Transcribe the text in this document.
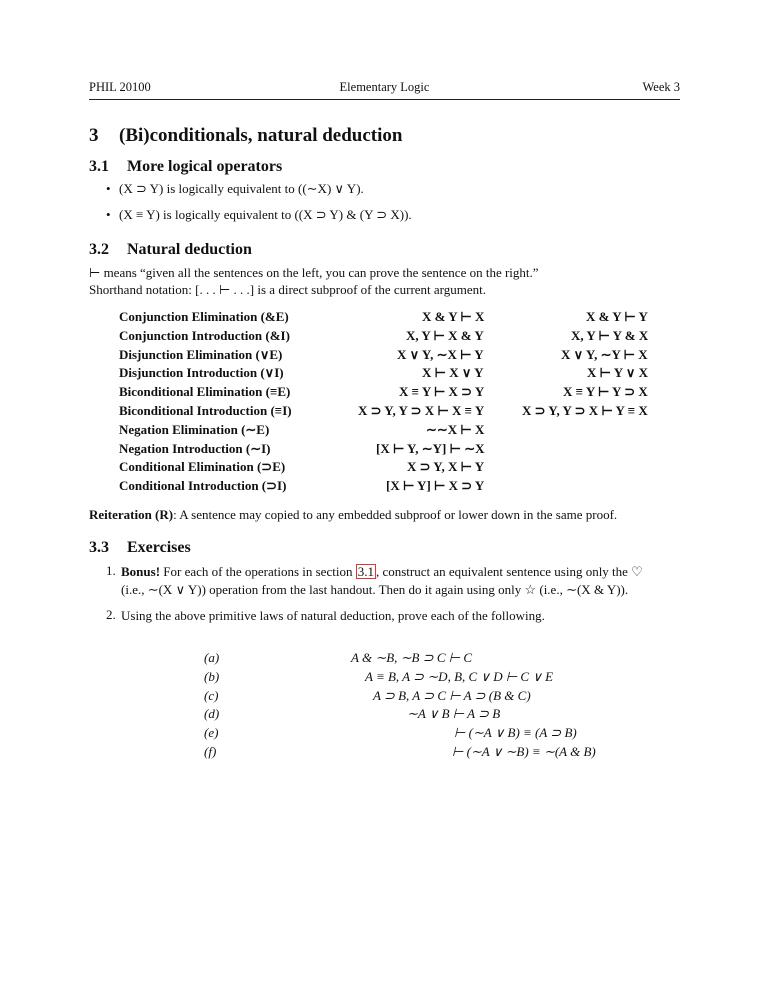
PHIL 20100	Elementary Logic	Week 3
3 (Bi)conditionals, natural deduction
3.1 More logical operators
• (X ⊃ Y) is logically equivalent to ((∼X) ∨ Y).
• (X ≡ Y) is logically equivalent to ((X ⊃ Y) & (Y ⊃ X)).
3.2 Natural deduction
⊢ means “given all the sentences on the left, you can prove the sentence on the right.”
Shorthand notation: [. . . ⊢ . . .] is a direct subproof of the current argument.
Conjunction Elimination (&E)	X & Y ⊢ X	X & Y ⊢ Y
Conjunction Introduction (&I)	X, Y ⊢ X & Y	X, Y ⊢ Y & X
Disjunction Elimination (∨E)	X ∨ Y, ∼X ⊢ Y	X ∨ Y, ∼Y ⊢ X
Disjunction Introduction (∨I)	X ⊢ X ∨ Y	X ⊢ Y ∨ X
Biconditional Elimination (≡E)	X ≡ Y ⊢ X ⊃ Y	X ≡ Y ⊢ Y ⊃ X
Biconditional Introduction (≡I)	X ⊃ Y, Y ⊃ X ⊢ X ≡ Y	X ⊃ Y, Y ⊃ X ⊢ Y ≡ X
Negation Elimination (∼E)	∼∼X ⊢ X
Negation Introduction (∼I)	[X ⊢ Y, ∼Y] ⊢ ∼X
Conditional Elimination (⊃E)	X ⊃ Y, X ⊢ Y
Conditional Introduction (⊃I)	[X ⊢ Y] ⊢ X ⊃ Y
Reiteration (R): A sentence may copied to any embedded subproof or lower down in the same proof.
3.3 Exercises
1. Bonus! For each of the operations in section 3.1 , construct an equivalent sentence using only the ♡
(i.e., ∼(X ∨ Y)) operation from the last handout. Then do it again using only ☆ (i.e., ∼(X & Y)).
2. Using the above primitive laws of natural deduction, prove each of the following.
(a)	A & ∼B, ∼B ⊃ C ⊢ C
(b)	A ≡ B, A ⊃ ∼D, B, C ∨ D ⊢ C ∨ E
(c)	A ⊃ B, A ⊃ C ⊢ A ⊃ (B & C)
(d)	∼A ∨ B ⊢ A ⊃ B
(e)	⊢ (∼A ∨ B) ≡ (A ⊃ B)
(f)	⊢ (∼A ∨ ∼B) ≡ ∼(A & B)
